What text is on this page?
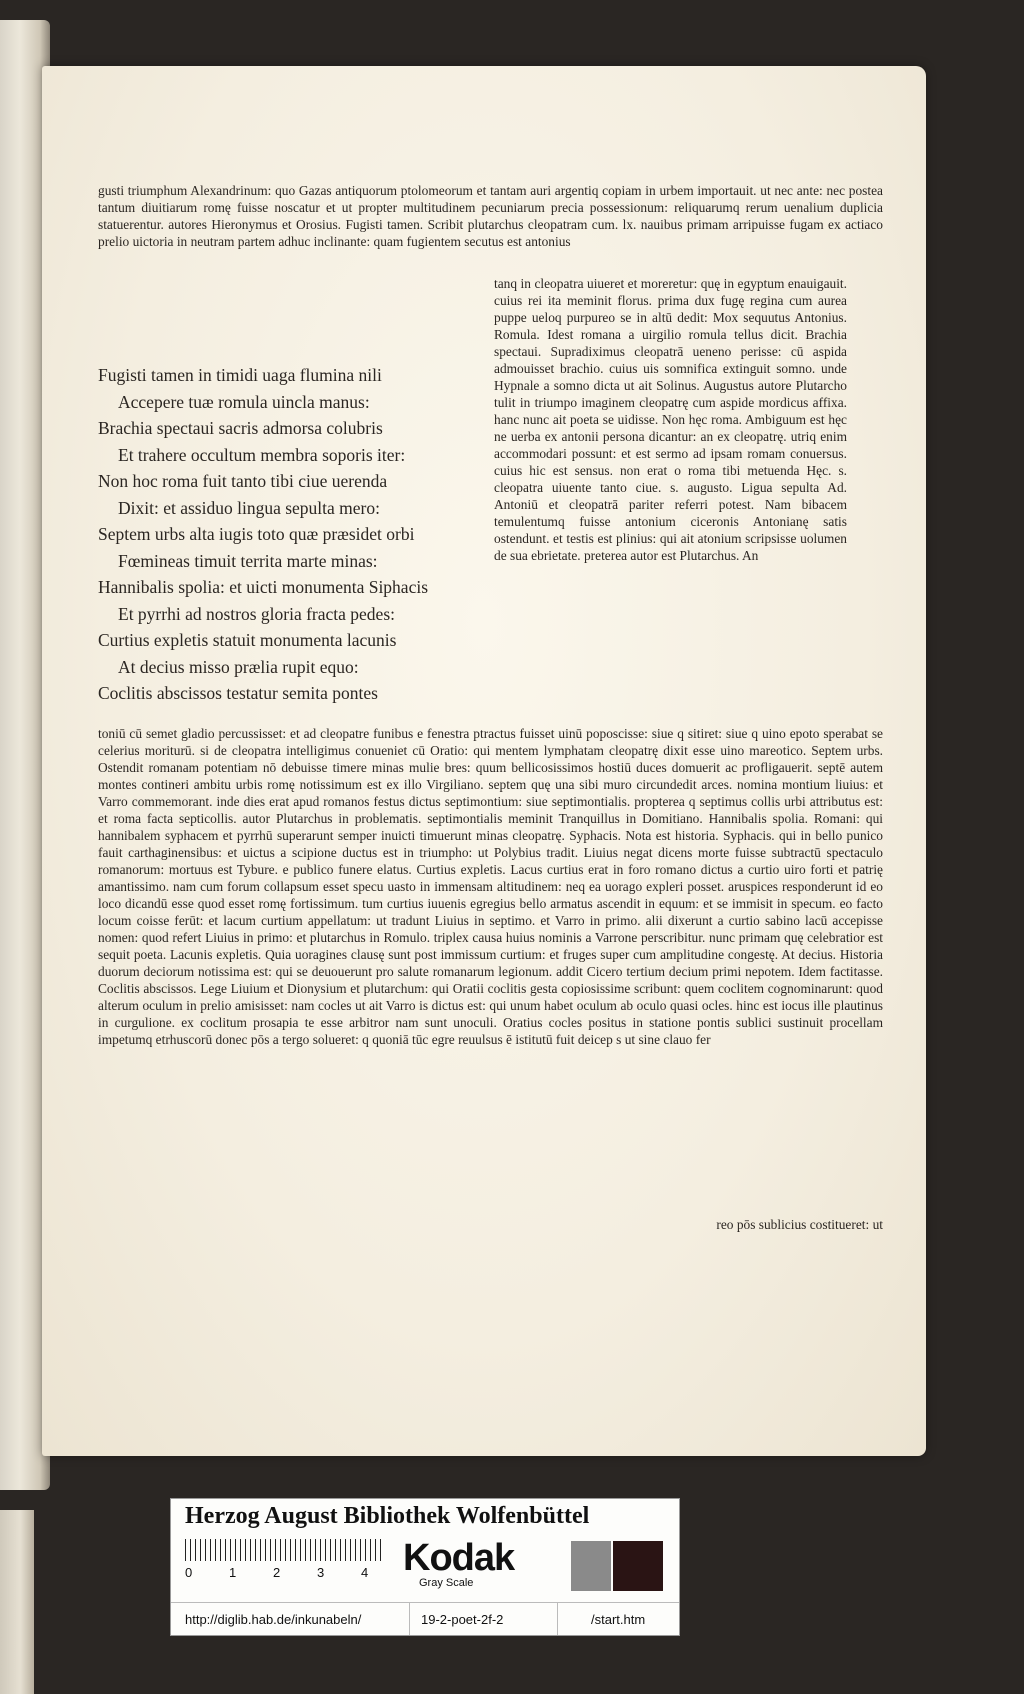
gusti triumphum Alexandrinum: quo Gazas antiquorum ptolomeorum et tantam auri argentiq copiam in urbem importauit. ut nec ante: nec postea tantum diuitiarum romę fuisse noscatur et ut propter multitudinem pecuniarum precia possessionum: reliquarumq rerum uenalium duplicia statuerentur. autores Hieronymus et Orosius. Fugisti tamen. Scribit plutarchus cleopatram cum. lx. nauibus primam arripuisse fugam ex actiaco prelio uictoria in neutram partem adhuc inclinante: quam fugientem secutus est antonius
Fugisti tamen in timidi uaga flumina nili
Accepere tuæ romula uincla manus:
Brachia spectaui sacris admorsa colubris
Et trahere occultum membra soporis iter:
Non hoc roma fuit tanto tibi ciue uerenda
Dixit: et assiduo lingua sepulta mero:
Septem urbs alta iugis toto quæ præsidet orbi
Fœmineas timuit territa marte minas:
Hannibalis spolia: et uicti monumenta Siphacis
Et pyrrhi ad nostros gloria fracta pedes:
Curtius expletis statuit monumenta lacunis
At decius misso prælia rupit equo:
Coclitis abscissos testatur semita pontes
tanq in cleopatra uiueret et moreretur: quę in egyptum enauigauit. cuius rei ita meminit florus. prima dux fugę regina cum aurea puppe ueloq purpureo se in altū dedit: Mox sequutus Antonius. Romula. Idest romana a uirgilio romula tellus dicit. Brachia spectaui. Supradiximus cleopatrā ueneno perisse: cū aspida admouisset brachio. cuius uis somnifica extinguit somno. unde Hypnale a somno dicta ut ait Solinus. Augustus autore Plutarcho tulit in triumpo imaginem cleopatrę cum aspide mordicus affixa. hanc nunc ait poeta se uidisse. Non hęc roma. Ambiguum est hęc ne uerba ex antonii persona dicantur: an ex cleopatrę. utriq enim accommodari possunt: et est sermo ad ipsam romam conuersus. cuius hic est sensus. non erat o roma tibi metuenda Hęc. s. cleopatra uiuente tanto ciue. s. augusto. Ligua sepulta Ad. Antoniū et cleopatrā pariter referri potest. Nam bibacem temulentumq fuisse antonium ciceronis Antonianę satis ostendunt. et testis est plinius: qui ait atonium scripsisse uolumen de sua ebrietate. preterea autor est Plutarchus. An
toniū cū semet gladio percussisset: et ad cleopatre funibus e fenestra ptractus fuisset uinū poposcisse: siue q sitiret: siue q uino epoto sperabat se celerius moriturū. si de cleopatra intelligimus conueniet cū Oratio: qui mentem lymphatam cleopatrę dixit esse uino mareotico. Septem urbs. Ostendit romanam potentiam nō debuisse timere minas mulie bres: quum bellicosissimos hostiū duces domuerit ac profligauerit. septē autem montes contineri ambitu urbis romę notissimum est ex illo Virgiliano. septem quę una sibi muro circundedit arces. nomina montium liuius: et Varro commemorant. inde dies erat apud romanos festus dictus septimontium: siue septimontialis. propterea q septimus collis urbi attributus est: et roma facta septicollis. autor Plutarchus in problematis. septimontialis meminit Tranquillus in Domitiano. Hannibalis spolia. Romani: qui hannibalem syphacem et pyrrhū superarunt semper inuicti timuerunt minas cleopatrę. Syphacis. Nota est historia. Syphacis. qui in bello punico fauit carthaginensibus: et uictus a scipione ductus est in triumpho: ut Polybius tradit. Liuius negat dicens morte fuisse subtractū spectaculo romanorum: mortuus est Tybure. e publico funere elatus. Curtius expletis. Lacus curtius erat in foro romano dictus a curtio uiro forti et patrię amantissimo. nam cum forum collapsum esset specu uasto in immensam altitudinem: neq ea uorago expleri posset. aruspices responderunt id eo loco dicandū esse quod esset romę fortissimum. tum curtius iuuenis egregius bello armatus ascendit in equum: et se immisit in specum. eo facto locum coisse ferūt: et lacum curtium appellatum: ut tradunt Liuius in septimo. et Varro in primo. alii dixerunt a curtio sabino lacū accepisse nomen: quod refert Liuius in primo: et plutarchus in Romulo. triplex causa huius nominis a Varrone perscribitur. nunc primam quę celebratior est sequit poeta. Lacunis expletis. Quia uoragines clausę sunt post immissum curtium: et fruges super cum amplitudine congestę. At decius. Historia duorum deciorum notissima est: qui se deuouerunt pro salute romanarum legionum. addit Cicero tertium decium primi nepotem. Idem factitasse. Coclitis abscissos. Lege Liuium et Dionysium et plutarchum: qui Oratii coclitis gesta copiosissime scribunt: quem coclitem cognominarunt: quod alterum oculum in prelio amisisset: nam cocles ut ait Varro is dictus est: qui unum habet oculum ab oculo quasi ocles. hinc est iocus ille plautinus in curgulione. ex coclitum prosapia te esse arbitror nam sunt unoculi. Oratius cocles positus in statione pontis sublici sustinuit procellam impetumq etrhuscorū donec pōs a tergo solueret: q quoniā tūc egre reuulsus ē istitutū fuit deicep s ut sine clauo fer
reo pōs sublicius costitueret: ut
Herzog August Bibliothek Wolfenbüttel
0	1	2	3	4 Kodak
Gray Scale
http://diglib.hab.de/inkunabeln/	19-2-poet-2f-2	/start.htm
